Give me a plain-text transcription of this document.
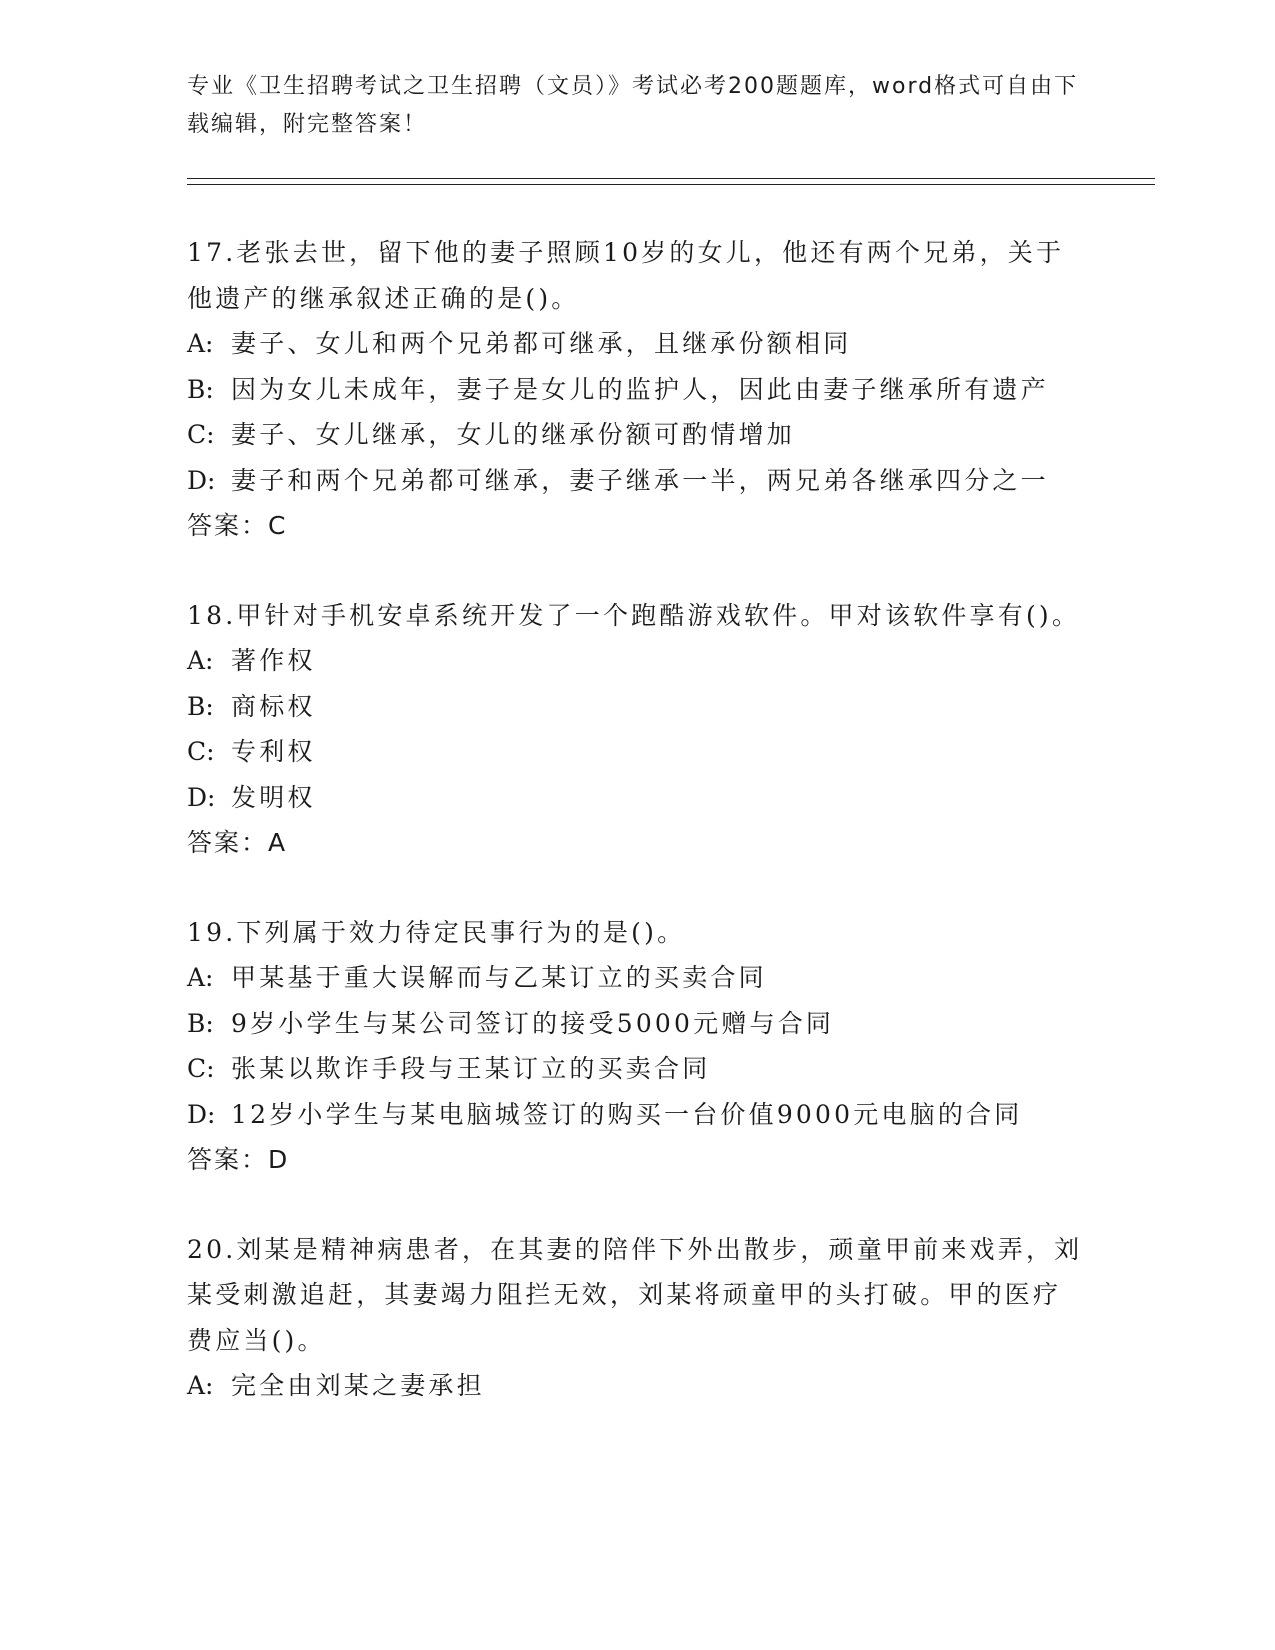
专业《卫生招聘考试之卫生招聘（文员）》考试必考200题题库，word格式可自由下载编辑，附完整答案！
17.老张去世，留下他的妻子照顾10岁的女儿，他还有两个兄弟，关于他遗产的继承叙述正确的是()。
A: 妻子、女儿和两个兄弟都可继承，且继承份额相同
B: 因为女儿未成年，妻子是女儿的监护人，因此由妻子继承所有遗产
C: 妻子、女儿继承，女儿的继承份额可酌情增加
D: 妻子和两个兄弟都可继承，妻子继承一半，两兄弟各继承四分之一
答案：C
18.甲针对手机安卓系统开发了一个跑酷游戏软件。甲对该软件享有()。
A: 著作权
B: 商标权
C: 专利权
D: 发明权
答案：A
19.下列属于效力待定民事行为的是()。
A: 甲某基于重大误解而与乙某订立的买卖合同
B: 9岁小学生与某公司签订的接受5000元赠与合同
C: 张某以欺诈手段与王某订立的买卖合同
D: 12岁小学生与某电脑城签订的购买一台价值9000元电脑的合同
答案：D
20.刘某是精神病患者，在其妻的陪伴下外出散步，顽童甲前来戏弄，刘某受刺激追赶，其妻竭力阻拦无效，刘某将顽童甲的头打破。甲的医疗费应当()。
A: 完全由刘某之妻承担
